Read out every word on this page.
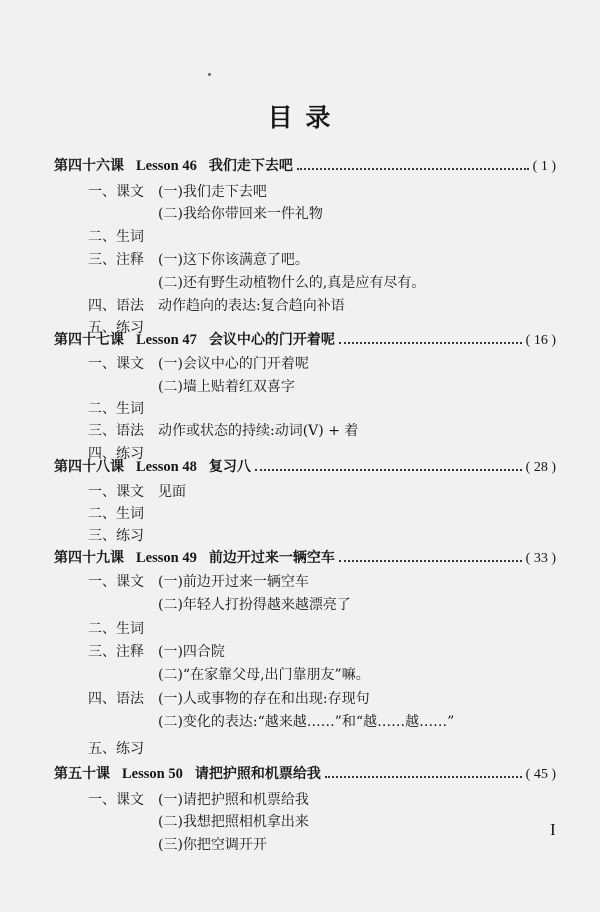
目 录
第四十六课 Lesson 46 我们走下去吧	( 1 )
一、课文 (一)我们走下去吧
(二)我给你带回来一件礼物
二、生词
三、注释 (一)这下你该满意了吧。
(二)还有野生动植物什么的,真是应有尽有。
四、语法 动作趋向的表达:复合趋向补语
五、练习
第四十七课 Lesson 47 会议中心的门开着呢	( 16 )
一、课文 (一)会议中心的门开着呢
(二)墙上贴着红双喜字
二、生词
三、语法 动作或状态的持续:动词(V) + 着
四、练习
第四十八课 Lesson 48 复习八	( 28 )
一、课文 见面
二、生词
三、练习
第四十九课 Lesson 49 前边开过来一辆空车	( 33 )
一、课文 (一)前边开过来一辆空车
(二)年轻人打扮得越来越漂亮了
二、生词
三、注释 (一)四合院
(二)“在家靠父母,出门靠朋友”嘛。
四、语法 (一)人或事物的存在和出现:存现句
(二)变化的表达:“越来越……”和“越……越……”
五、练习
第五十课 Lesson 50 请把护照和机票给我	( 45 )
一、课文 (一)请把护照和机票给我
(二)我想把照相机拿出来
(三)你把空调开开
I
